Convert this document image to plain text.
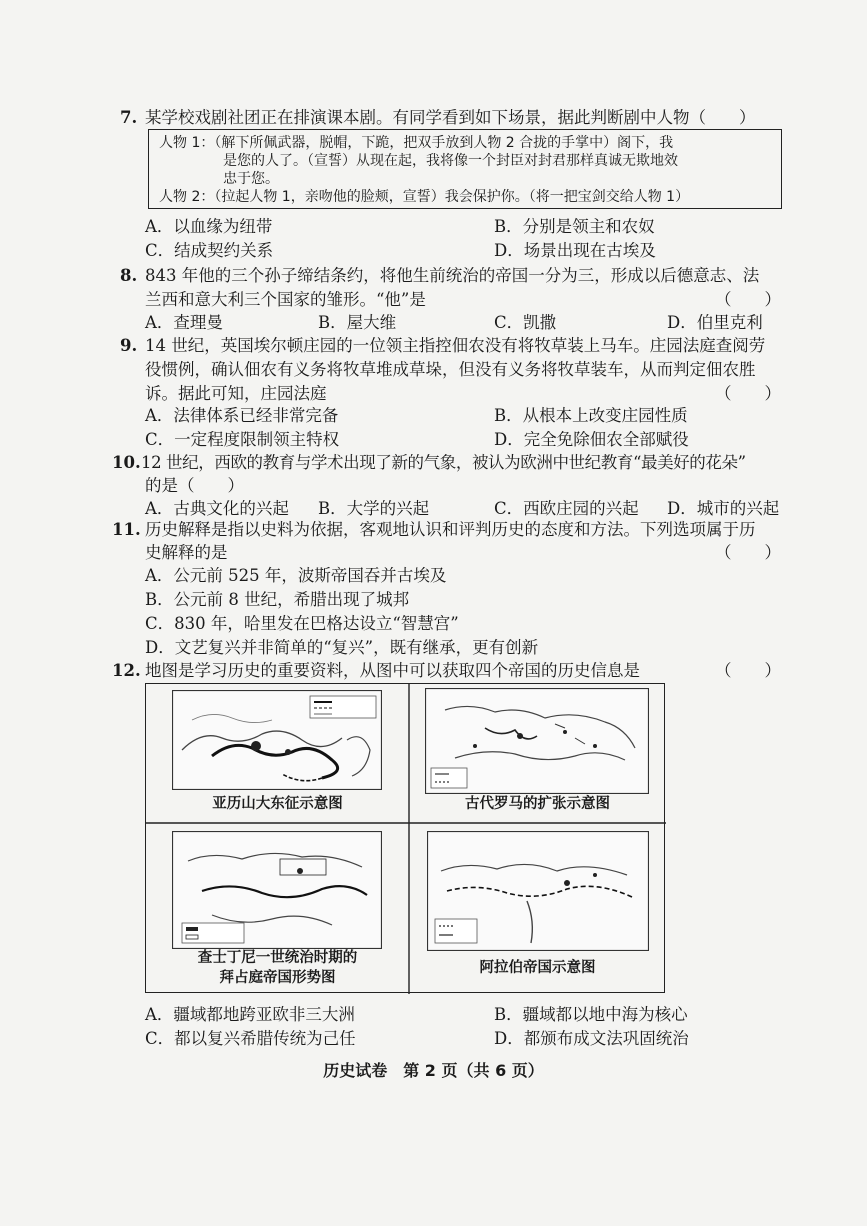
7. 某学校戏剧社团正在排演课本剧。有同学看到如下场景，据此判断剧中人物（　　）
人物 1：（解下所佩武器，脱帽，下跪，把双手放到人物 2 合拢的手掌中）阁下，我
是您的人了。（宣誓）从现在起，我将像一个封臣对封君那样真诚无欺地效
忠于您。
人物 2：（拉起人物 1，亲吻他的脸颊，宣誓）我会保护你。（将一把宝剑交给人物 1）
A．以血缘为纽带	B．分别是领主和农奴
C．结成契约关系	D．场景出现在古埃及
8. 843 年他的三个孙子缔结条约，将他生前统治的帝国一分为三，形成以后德意志、法
兰西和意大利三个国家的雏形。“他”是	（　　）
A．查理曼	B．屋大维	C．凯撒	D．伯里克利
9. 14 世纪，英国埃尔顿庄园的一位领主指控佃农没有将牧草装上马车。庄园法庭查阅劳
役惯例，确认佃农有义务将牧草堆成草垛，但没有义务将牧草装车，从而判定佃农胜
诉。据此可知，庄园法庭	（　　）
A．法律体系已经非常完备	B．从根本上改变庄园性质
C．一定程度限制领主特权	D．完全免除佃农全部赋役
10. 12 世纪，西欧的教育与学术出现了新的气象，被认为欧洲中世纪教育“最美好的花朵”
的是（　　）
A．古典文化的兴起 B．大学的兴起	C．西欧庄园的兴起 D．城市的兴起
11. 历史解释是指以史料为依据，客观地认识和评判历史的态度和方法。下列选项属于历
史解释的是	（　　）
A．公元前 525 年，波斯帝国吞并古埃及
B．公元前 8 世纪，希腊出现了城邦
C．830 年，哈里发在巴格达设立“智慧宫”
D．文艺复兴并非简单的“复兴”，既有继承，更有创新
12. 地图是学习历史的重要资料，从图中可以获取四个帝国的历史信息是	（　　）
亚历山大东征示意图	古代罗马的扩张示意图
查士丁尼一世统治时期的
拜占庭帝国形势图
阿拉伯帝国示意图
A．疆域都地跨亚欧非三大洲	B．疆域都以地中海为核心
C．都以复兴希腊传统为己任	D．都颁布成文法巩固统治
历史试卷　第 2 页（共 6 页）
